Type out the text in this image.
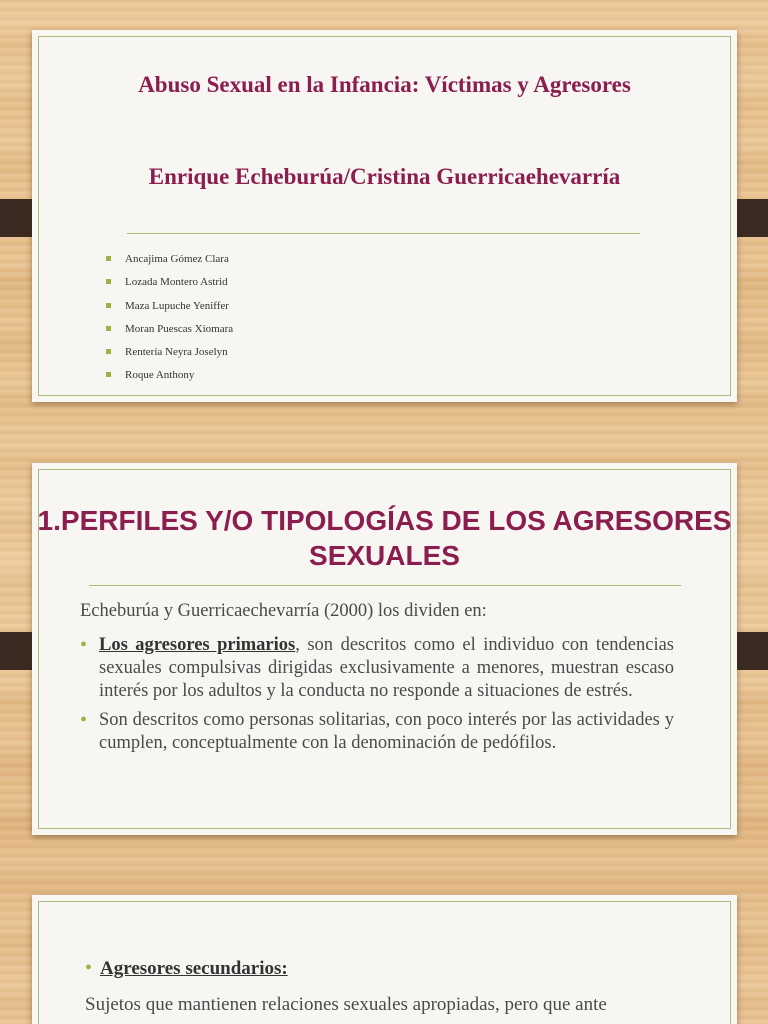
Abuso Sexual en la Infancia: Víctimas y Agresores
Enrique Echeburúa/Cristina Guerricaehevarría
Ancajima Gómez Clara
Lozada Montero Astrid
Maza Lupuche Yeniffer
Moran Puescas Xiomara
Rentería Neyra Joselyn
Roque Anthony
1.PERFILES Y/O TIPOLOGÍAS DE LOS AGRESORES SEXUALES

Echeburúa y Guerricaechevarría (2000) los dividen en:

• Los agresores primarios, son descritos como el individuo con tendencias sexuales compulsivas dirigidas exclusivamente a menores, muestran escaso interés por los adultos y la conducta no responde a situaciones de estrés.
• Son descritos como personas solitarias, con poco interés por las actividades y cumplen, conceptualmente con la denominación de pedófilos.

• Agresores secundarios:

Sujetos que mantienen relaciones sexuales apropiadas, pero que ante
